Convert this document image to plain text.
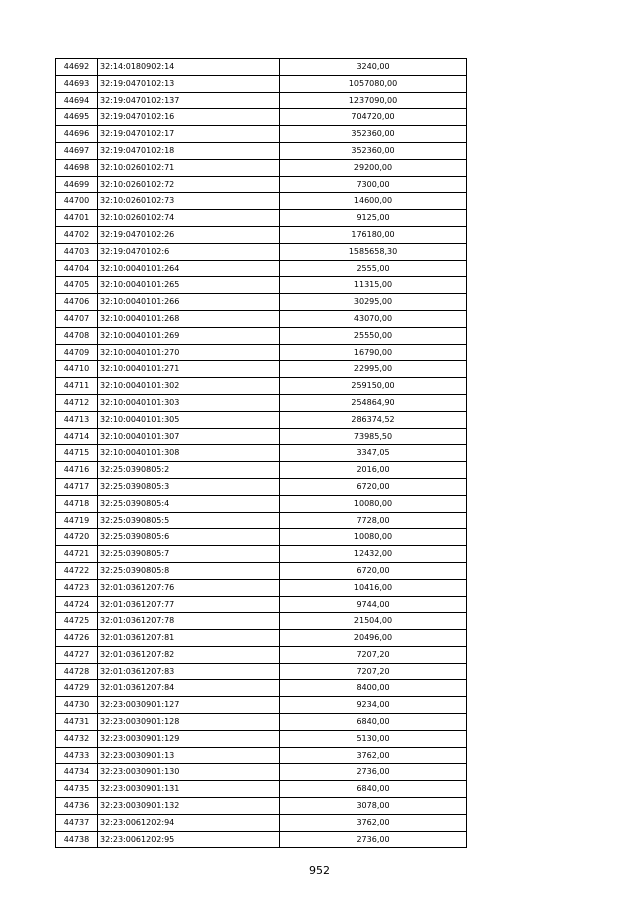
44692	32:14:0180902:14	3240,00
44693	32:19:0470102:13	1057080,00
44694	32:19:0470102:137	1237090,00
44695	32:19:0470102:16	704720,00
44696	32:19:0470102:17	352360,00
44697	32:19:0470102:18	352360,00
44698	32:10:0260102:71	29200,00
44699	32:10:0260102:72	7300,00
44700	32:10:0260102:73	14600,00
44701	32:10:0260102:74	9125,00
44702	32:19:0470102:26	176180,00
44703	32:19:0470102:6	1585658,30
44704	32:10:0040101:264	2555,00
44705	32:10:0040101:265	11315,00
44706	32:10:0040101:266	30295,00
44707	32:10:0040101:268	43070,00
44708	32:10:0040101:269	25550,00
44709	32:10:0040101:270	16790,00
44710	32:10:0040101:271	22995,00
44711	32:10:0040101:302	259150,00
44712	32:10:0040101:303	254864,90
44713	32:10:0040101:305	286374,52
44714	32:10:0040101:307	73985,50
44715	32:10:0040101:308	3347,05
44716	32:25:0390805:2	2016,00
44717	32:25:0390805:3	6720,00
44718	32:25:0390805:4	10080,00
44719	32:25:0390805:5	7728,00
44720	32:25:0390805:6	10080,00
44721	32:25:0390805:7	12432,00
44722	32:25:0390805:8	6720,00
44723	32:01:0361207:76	10416,00
44724	32:01:0361207:77	9744,00
44725	32:01:0361207:78	21504,00
44726	32:01:0361207:81	20496,00
44727	32:01:0361207:82	7207,20
44728	32:01:0361207:83	7207,20
44729	32:01:0361207:84	8400,00
44730	32:23:0030901:127	9234,00
44731	32:23:0030901:128	6840,00
44732	32:23:0030901:129	5130,00
44733	32:23:0030901:13	3762,00
44734	32:23:0030901:130	2736,00
44735	32:23:0030901:131	6840,00
44736	32:23:0030901:132	3078,00
44737	32:23:0061202:94	3762,00
44738	32:23:0061202:95	2736,00
952
